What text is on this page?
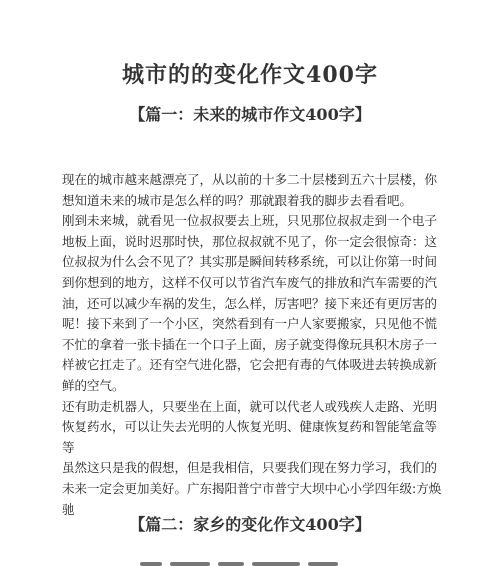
城市的的变化作文400字
【篇一：未来的城市作文400字】

现在的城市越来越漂亮了，从以前的十多二十层楼到五六十层楼，你想知道未来的城市是怎么样的吗？那就跟着我的脚步去看看吧。

刚到未来城，就看见一位叔叔要去上班，只见那位叔叔走到一个电子地板上面，说时迟那时快，那位叔叔就不见了，你一定会很惊奇：这位叔叔为什么会不见了？其实那是瞬间转移系统，可以让你第一时间到你想到的地方，这样不仅可以节省汽车废气的排放和汽车需要的汽油，还可以减少车祸的发生，怎么样，厉害吧？接下来还有更厉害的呢！接下来到了一个小区，突然看到有一户人家要搬家，只见他不慌不忙的拿着一张卡插在一个口子上面，房子就变得像玩具积木房子一样被它扛走了。还有空气进化器，它会把有毒的气体吸进去转换成新鲜的空气。

还有助走机器人，只要坐在上面，就可以代老人或残疾人走路、光明恢复药水，可以让失去光明的人恢复光明、健康恢复药和智能笔盒等等

虽然这只是我的假想，但是我相信，只要我们现在努力学习，我们的未来一定会更加美好。广东揭阳普宁市普宁大坝中心小学四年级:方焕驰

【篇二：家乡的变化作文400字】
